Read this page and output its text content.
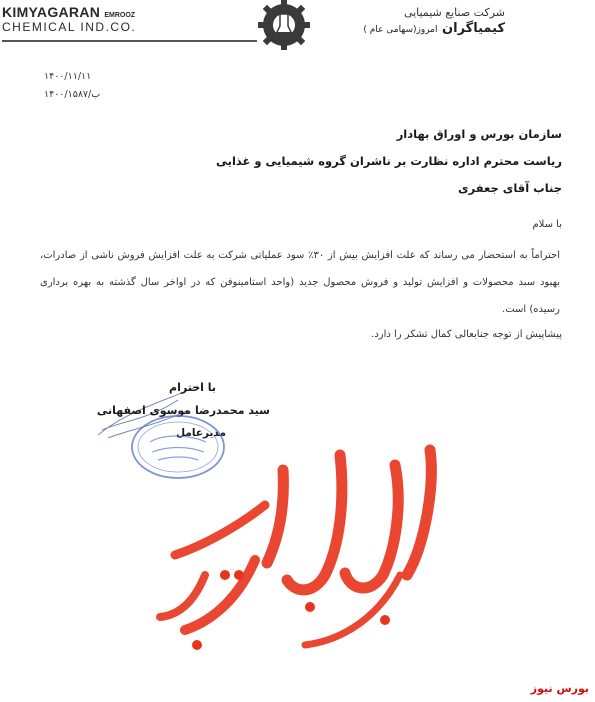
KIMYAGARAN EMROOZ
CHEMICAL IND.CO.
شرکت صنایع شیمیایی
کیمیاگران امروز(سهامی عام )
۱۴۰۰/۱۱/۱۱
۱۴۰۰/۱۵۸۷/ب
سازمان بورس و اوراق بهادار
ریاست محترم اداره نظارت بر ناشران گروه شیمیایی و غذایی
جناب آقای جعفری
با سلام
احتراماً به استحضار می رساند که علت افزایش بیش از ۳۰٪ سود عملیاتی شرکت به علت افزایش فروش ناشی از صادرات، بهبود سبد محصولات و افزایش تولید و فروش محصول جدید (واحد استامینوفن که در اواخر سال گذشته به بهره برداری رسیده) است.
پیشاپیش از توجه جنابعالی کمال تشکر را دارد.
با احترام
سید محمدرضا موسوی اصفهانی
مدیرعامل
بورس نیوز
